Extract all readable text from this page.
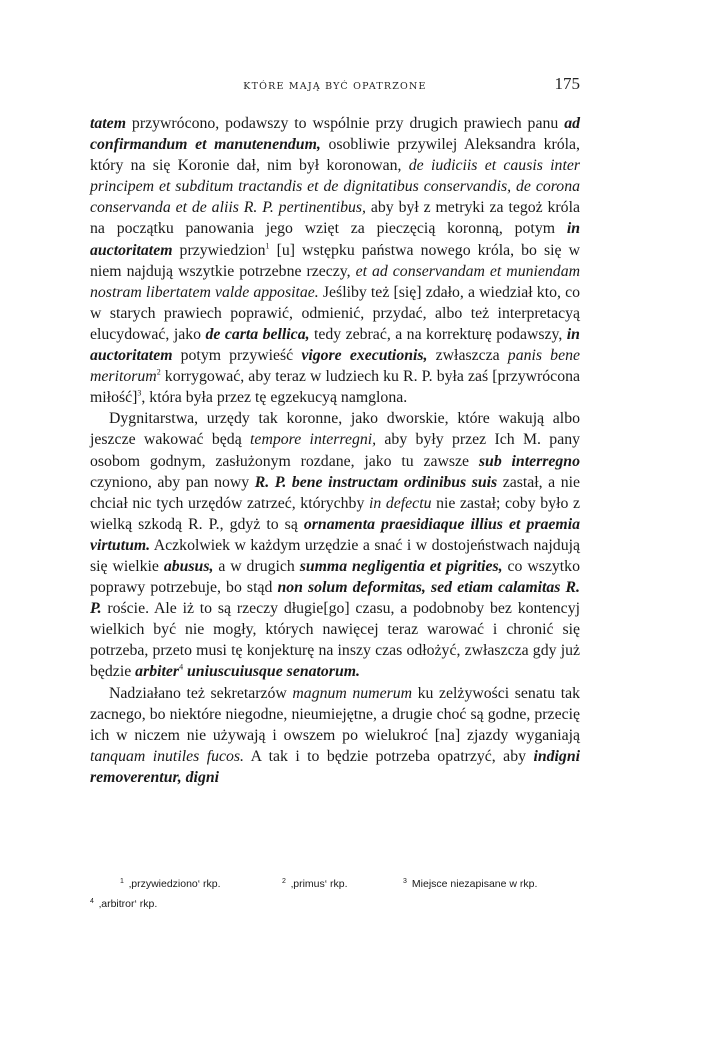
KTÓRE MAJĄ BYĆ OPATRZONE	175

tatem przywrócono, podawszy to wspólnie przy drugich prawiech panu ad confirmandum et manutenendum, osobliwie przywilej Aleksandra króla, który na się Koronie dał, nim był koronowan, de iudiciis et causis inter principem et subditum tractandis et de dignitatibus conservandis, de corona conservanda et de aliis R. P. pertinentibus, aby był z metryki za tegoż króla na początku panowania jego wzięt za pieczęcią koronną, potym in auctoritatem przywiedzion$^1$ [u] wstępku państwa nowego króla, bo się w niem najdują wszytkie potrzebne rzeczy, et ad conservandam et muniendam nostram libertatem valde appositae. Jeśliby też [się] zdało, a wiedział kto, co w starych prawiech poprawić, odmienić, przydać, albo też interpretacyą elucydować, jako de carta bellica, tedy zebrać, a na korrekturę podawszy, in auctoritatem potym przywieść vigore executionis, zwłaszcza panis bene meritorum$^2$ korrygować, aby teraz w ludziech ku R. P. była zaś [przywrócona miłość]$^3$, która była przez tę egzekucyą namglona.

Dygnitarstwa, urzędy tak koronne, jako dworskie, które wakują albo jeszcze wakować będą tempore interregni, aby były przez Ich M. pany osobom godnym, zasłużonym rozdane, jako tu zawsze sub interregno czyniono, aby pan nowy R. P. bene instructam ordinibus suis zastał, a nie chciał nic tych urzędów zatrzeć, którychby in defectu nie zastał; coby było z wielką szkodą R. P., gdyż to są ornamenta praesidiaque illius et praemia virtutum. Aczkolwiek w każdym urzędzie a snać i w dostojeństwach najdują się wielkie abusus, a w drugich summa negligentia et pigrities, co wszytko poprawy potrzebuje, bo stąd non solum deformitas, sed etiam calamitas R. P. roście. Ale iż to są rzeczy długie[go] czasu, a podobnoby bez kontencyj wielkich być nie mogły, których nawięcej teraz warować i chronić się potrzeba, przeto musi tę konjekturę na inszy czas odłożyć, zwłaszcza gdy już będzie arbiter$^4$ uniuscuiusque senatorum.

Nadziałano też sekretarzów magnum numerum ku zelżywości senatu tak zacnego, bo niektóre niegodne, nieumiejętne, a drugie choć są godne, przecię ich w niczem nie używają i owszem po wielukroć [na] zjazdy wyganiają tanquam inutiles fucos. A tak i to będzie potrzeba opatrzyć, aby indigni removerentur, digni

$^1$ ‚przywiedziono‘ rkp.	$^2$ ‚primus‘ rkp.	$^3$ Miejsce niezapisane w rkp.
$^4$ ‚arbitror‘ rkp.
